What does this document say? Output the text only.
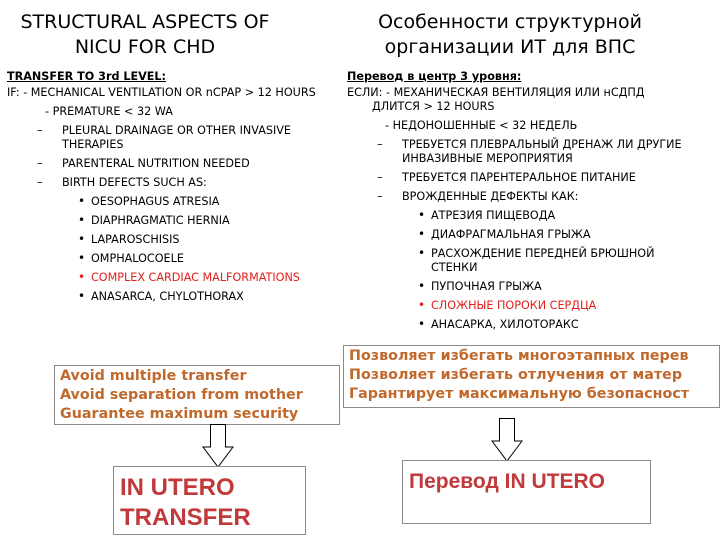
STRUCTURAL ASPECTS OF NICU FOR CHD
Особенности структурной организации ИТ для ВПС
TRANSFER TO 3rd LEVEL:
IF: - MECHANICAL VENTILATION OR nCPAP > 12 HOURS
- PREMATURE < 32 WA
– PLEURAL DRAINAGE OR OTHER INVASIVE THERAPIES
– PARENTERAL NUTRITION NEEDED
– BIRTH DEFECTS SUCH AS:
• OESOPHAGUS ATRESIA
• DIAPHRAGMATIC HERNIA
• LAPAROSCHISIS
• OMPHALOCOELE
• COMPLEX CARDIAC MALFORMATIONS
• ANASARCA, CHYLOTHORAX
Перевод в центр 3 уровня:
ЕСЛИ: - МЕХАНИЧЕСКАЯ ВЕНТИЛЯЦИЯ ИЛИ нСДПД ДЛИТСЯ > 12 HOURS
- НЕДОНОШЕННЫЕ < 32 НЕДЕЛЬ
– ТРЕБУЕТСЯ ПЛЕВРАЛЬНЫЙ ДРЕНАЖ ЛИ ДРУГИЕ ИНВАЗИВНЫЕ МЕРОПРИЯТИЯ
– ТРЕБУЕТСЯ ПАРЕНТЕРАЛЬНОЕ ПИТАНИЕ
– ВРОЖДЕННЫЕ ДЕФЕКТЫ КАК:
• АТРЕЗИЯ ПИЩЕВОДА
• ДИАФРАГМАЛЬНАЯ ГРЫЖА
• РАСХОЖДЕНИЕ ПЕРЕДНЕЙ БРЮШНОЙ СТЕНКИ
• ПУПОЧНАЯ ГРЫЖА
• СЛОЖНЫЕ ПОРОКИ СЕРДЦА
• АНАСАРКА, ХИЛОТОРАКС
Avoid multiple transfer
Avoid separation from mother
Guarantee maximum security
Позволяет избегать многоэтапных перев
Позволяет избегать отлучения от матер
Гарантирует максимальную безопасност
IN UTERO TRANSFER
Перевод IN UTERO
